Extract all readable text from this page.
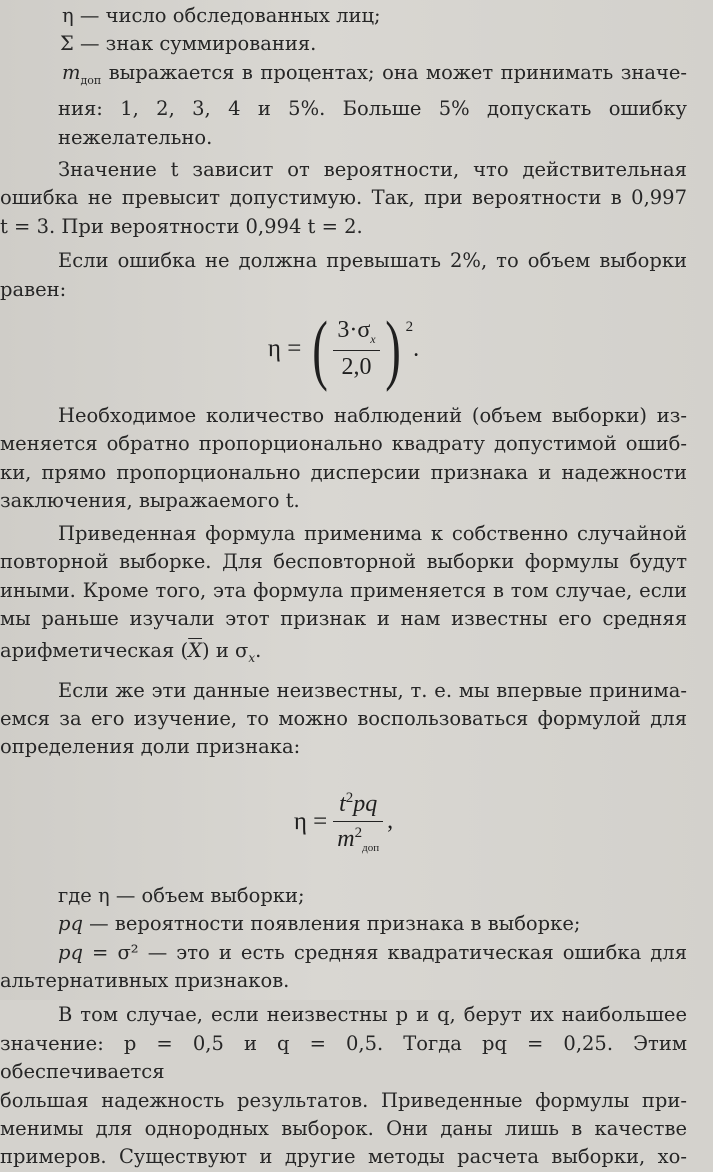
η — число обследованных лиц;

Σ — знак суммирования.

$m_{доп}$ выражается в процентах; она может принимать значе-
ния: 1, 2, 3, 4 и 5%. Больше 5% допускать ошибку нежелательно.

Значение t зависит от вероятности, что действительная
ошибка не превысит допустимую. Так, при вероятности в 0,997
t = 3. При вероятности 0,994 t = 2.

Если ошибка не должна превышать 2%, то объем выборки
равен:

η = ( $\frac{3\cdot\sigma_x}{2,0}$ ) $^2$
.

Необходимое количество наблюдений (объем выборки) из-
меняется обратно пропорционально квадрату допустимой ошиб-
ки, прямо пропорционально дисперсии признака и надежности
заключения, выражаемого t.

Приведенная формула применима к собственно случайной
повторной выборке. Для бесповторной выборки формулы будут
иными. Кроме того, эта формула применяется в том случае, если
мы раньше изучали этот признак и нам известны его средняя
арифметическая $(\overline{X})$ и $\sigma_x$.

Если же эти данные неизвестны, т. е. мы впервые принима-
емся за его изучение, то можно воспользоваться формулой для
определения доли признака:

$\eta = \frac{t^2pq}{m^2_{доп}}$ ,

где η — объем выборки;

pq — вероятности появления признака в выборке;

pq = σ² — это и есть средняя квадратическая ошибка для
альтернативных признаков.

В том случае, если неизвестны p и q, берут их наибольшее
значение: p = 0,5 и q = 0,5. Тогда pq = 0,25. Этим обеспечивается
большая надежность результатов. Приведенные формулы при-
менимы для однородных выборок. Они даны лишь в качестве
примеров. Существуют и другие методы расчета выборки, хо-
